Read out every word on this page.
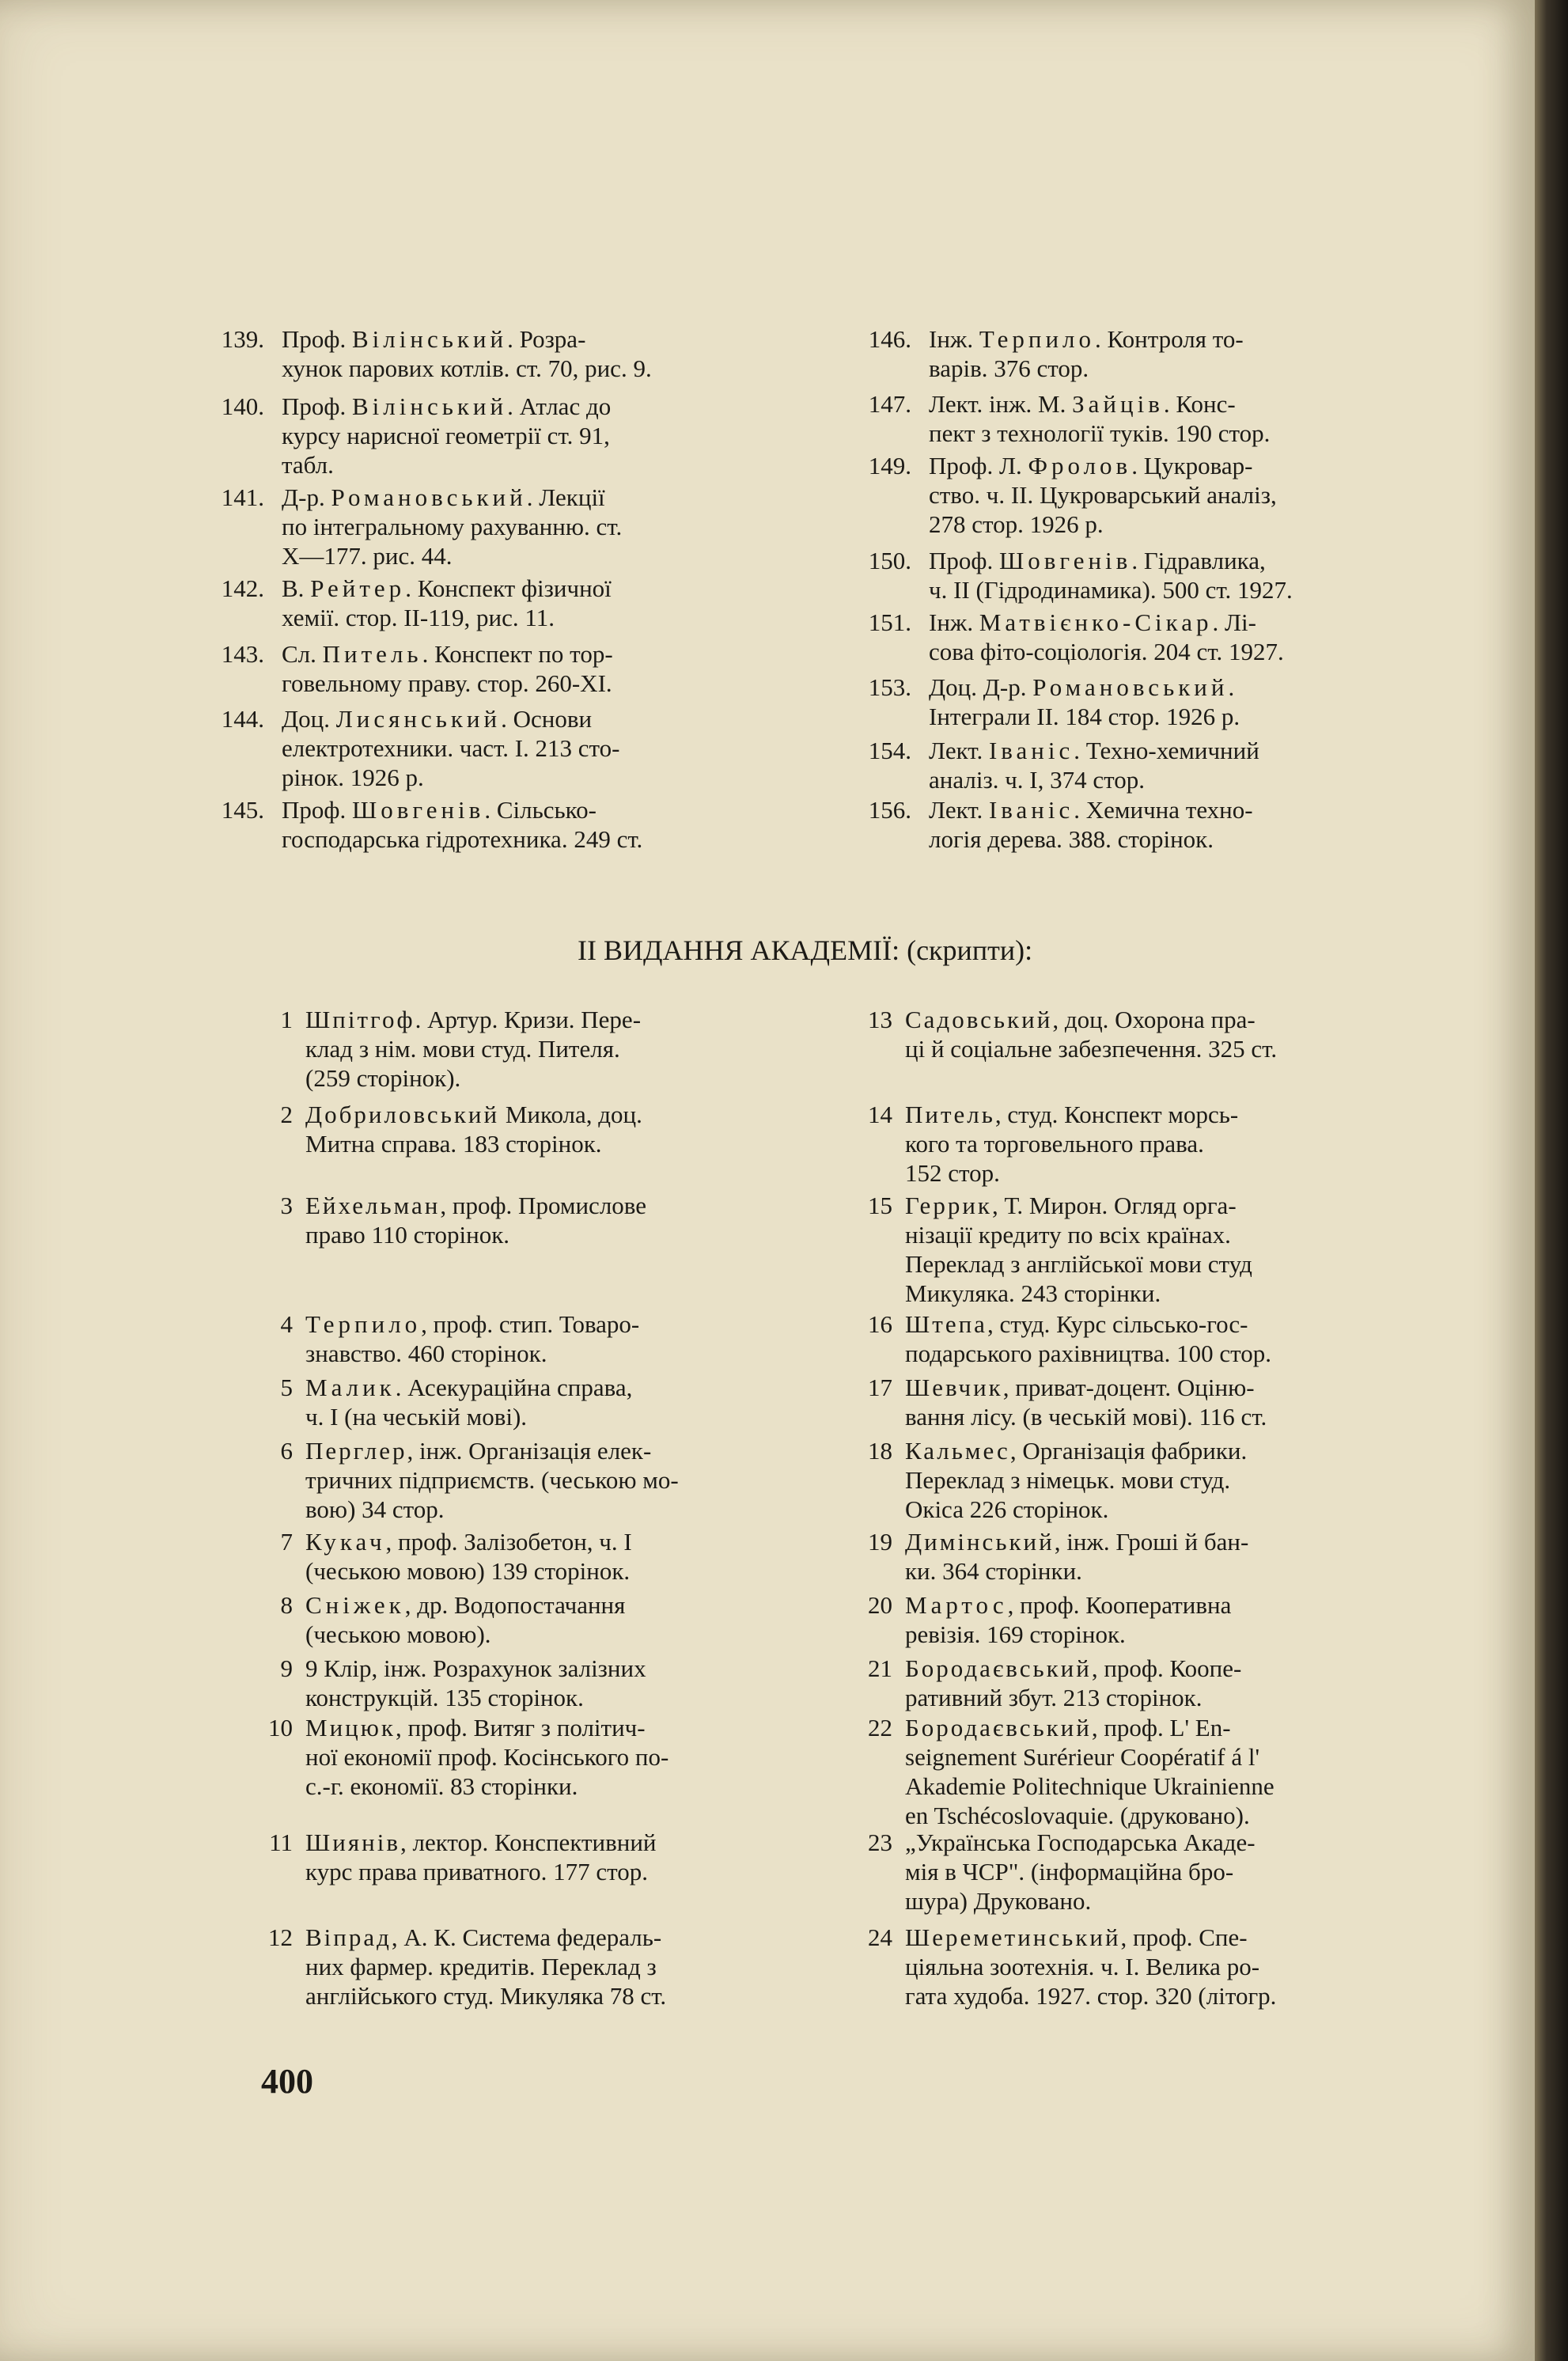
139. Проф. Вілінський. Розра-
хунок парових котлів. ст. 70, рис. 9.
140. Проф. Вілінський. Атлас до
курсу нарисної геометрії ст. 91,
табл.
141. Д-р. Романовський. Лекції
по інтегральному рахуванню. ст.
X—177. рис. 44.
142. В. Рейтер. Конспект фізичної
хемії. стор. ІІ-119, рис. 11.
143. Сл. Питель. Конспект по тор-
говельному праву. стор. 260-XI.
144. Доц. Лисянський. Основи
електротехники. част. І. 213 сто-
рінок. 1926 р.
145. Проф. Шовгенів. Сільсько-
господарська гідротехника. 249 ст.
146. Інж. Терпило. Контроля то-
варів. 376 стор.
147. Лект. інж. М. Зайців. Конс-
пект з технології туків. 190 стор.
149. Проф. Л. Фролов. Цукровар-
ство. ч. ІІ. Цукроварський аналіз,
278 стор. 1926 р.
150. Проф. Шовгенів. Гідравлика,
ч. ІІ (Гідродинамика). 500 ст. 1927.
151. Інж. Матвієнко-Сікар. Лі-
сова фіто-соціологія. 204 ст. 1927.
153. Доц. Д-р. Романовський.
Інтеграли ІІ. 184 стор. 1926 р.
154. Лект. Іваніс. Техно-хемичний
аналіз. ч. І, 374 стор.
156. Лект. Іваніс. Хемична техно-
логія дерева. 388. сторінок.
ІІ ВИДАННЯ АКАДЕМІЇ: (скрипти):
1 Шпітгоф. Артур. Кризи. Пере-
клад з нім. мови студ. Пителя.
(259 сторінок).
2 Добриловський Микола, доц.
Митна справа. 183 сторінок.
3 Ейхельман, проф. Промислове
право 110 сторінок.
4 Терпило, проф. стип. Товаро-
знавство. 460 сторінок.
5 Малик. Асекураційна справа,
ч. І (на чеській мові).
6 Перглер, інж. Організація елек-
тричних підприємств. (чеською мо-
вою) 34 стор.
7 Кукач, проф. Залізобетон, ч. І
(чеською мовою) 139 сторінок.
8 Сніжек, др. Водопостачання
(чеською мовою).
9 9 Клір, інж. Розрахунок залізних
конструкцій. 135 сторінок.
10 Мицюк, проф. Витяг з політич-
ної економії проф. Косінського по-
с.-г. економії. 83 сторінки.
11 Шиянів, лектор. Конспективний
курс права приватного. 177 стор.
12 Віпрад, А. К. Система федераль-
них фармер. кредитів. Переклад з
англійського студ. Микуляка 78 ст.
13 Садовський, доц. Охорона пра-
ці й соціальне забезпечення. 325 ст.
14 Питель, студ. Конспект морсь-
кого та торговельного права.
152 стор.
15 Геррик, Т. Мирон. Огляд орга-
нізації кредиту по всіх країнах.
Переклад з англійської мови студ
Микуляка. 243 сторінки.
16 Штепа, студ. Курс сільсько-гос-
подарського рахівництва. 100 стор.
17 Шевчик, приват-доцент. Оціню-
вання лісу. (в чеській мові). 116 ст.
18 Кальмес, Організація фабрики.
Переклад з німецьк. мови студ.
Окіса 226 сторінок.
19 Димінський, інж. Гроші й бан-
ки. 364 сторінки.
20 Мартос, проф. Кооперативна
ревізія. 169 сторінок.
21 Бородаєвський, проф. Коопе-
ративний збут. 213 сторінок.
22 Бородаєвський, проф. L' En-
seignement Surérieur Coopératif á l'
Akademie Politechnique Ukrainienne
en Tschécoslovaquie. (друковано).
23 „Українська Господарська Акаде-
мія в ЧСР". (інформаційна бро-
шура) Друковано.
24 Шереметинський, проф. Спе-
ціяльна зоотехнія. ч. І. Велика ро-
гата худоба. 1927. стор. 320 (літогр.
400
